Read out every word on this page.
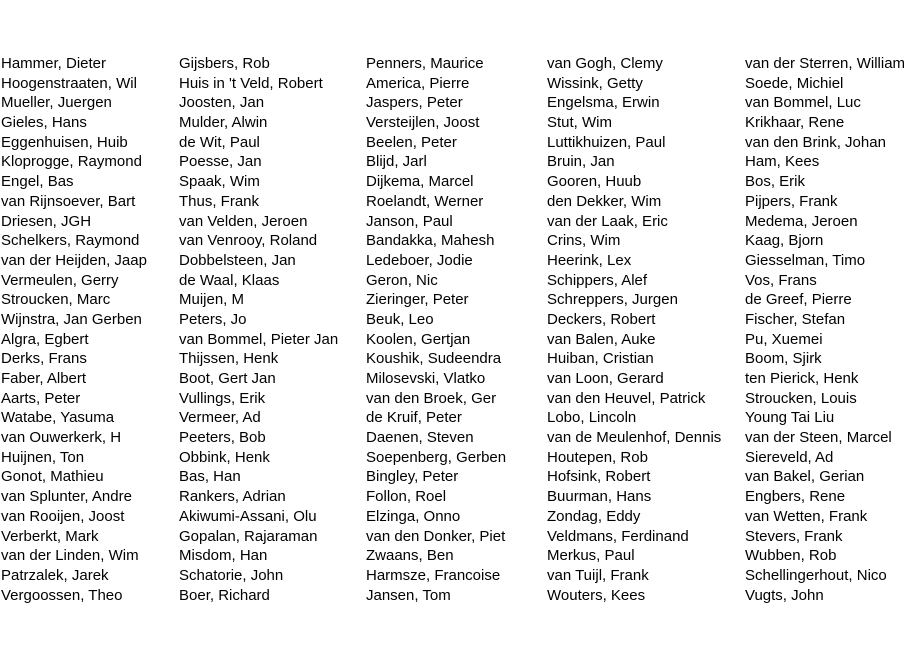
Hammer, Dieter
Hoogenstraaten, Wil
Mueller, Juergen
Gieles, Hans
Eggenhuisen, Huib
Kloprogge, Raymond
Engel, Bas
van Rijnsoever, Bart
Driesen, JGH
Schelkers, Raymond
van der Heijden, Jaap
Vermeulen, Gerry
Stroucken, Marc
Wijnstra, Jan Gerben
Algra, Egbert
Derks, Frans
Faber, Albert
Aarts, Peter
Watabe, Yasuma
van Ouwerkerk, H
Huijnen, Ton
Gonot, Mathieu
van Splunter, Andre
van Rooijen, Joost
Verberkt, Mark
van der Linden, Wim
Patrzalek, Jarek
Vergoossen, Theo
Gijsbers, Rob
Huis in 't Veld, Robert
Joosten, Jan
Mulder, Alwin
de Wit, Paul
Poesse, Jan
Spaak, Wim
Thus, Frank
van Velden, Jeroen
van Venrooy, Roland
Dobbelsteen, Jan
de Waal, Klaas
Muijen, M
Peters, Jo
van Bommel, Pieter Jan
Thijssen, Henk
Boot, Gert Jan
Vullings, Erik
Vermeer, Ad
Peeters, Bob
Obbink, Henk
Bas, Han
Rankers, Adrian
Akiwumi-Assani, Olu
Gopalan, Rajaraman
Misdom, Han
Schatorie, John
Boer, Richard
Penners, Maurice
America, Pierre
Jaspers, Peter
Versteijlen, Joost
Beelen, Peter
Blijd, Jarl
Dijkema, Marcel
Roelandt, Werner
Janson, Paul
Bandakka, Mahesh
Ledeboer, Jodie
Geron, Nic
Zieringer, Peter
Beuk, Leo
Koolen, Gertjan
Koushik, Sudeendra
Milosevski, Vlatko
van den Broek, Ger
de Kruif, Peter
Daenen, Steven
Soepenberg, Gerben
Bingley, Peter
Follon, Roel
Elzinga, Onno
van den Donker, Piet
Zwaans, Ben
Harmsze, Francoise
Jansen, Tom
van Gogh, Clemy
Wissink, Getty
Engelsma, Erwin
Stut, Wim
Luttikhuizen, Paul
Bruin, Jan
Gooren, Huub
den Dekker, Wim
van der Laak, Eric
Crins, Wim
Heerink, Lex
Schippers, Alef
Schreppers, Jurgen
Deckers, Robert
van Balen, Auke
Huiban, Cristian
van Loon, Gerard
van den Heuvel, Patrick
Lobo, Lincoln
van de Meulenhof, Dennis
Houtepen, Rob
Hofsink, Robert
Buurman, Hans
Zondag, Eddy
Veldmans, Ferdinand
Merkus, Paul
van Tuijl, Frank
Wouters, Kees
van der Sterren, William
Soede, Michiel
van Bommel, Luc
Krikhaar, Rene
van den Brink, Johan
Ham, Kees
Bos, Erik
Pijpers, Frank
Medema, Jeroen
Kaag, Bjorn
Giesselman, Timo
Vos, Frans
de Greef, Pierre
Fischer, Stefan
Pu, Xuemei
Boom, Sjirk
ten Pierick, Henk
Stroucken, Louis
Young Tai Liu
van der Steen, Marcel
Siereveld, Ad
van Bakel, Gerian
Engbers, Rene
van Wetten, Frank
Stevers, Frank
Wubben, Rob
Schellingerhout, Nico
Vugts, John
